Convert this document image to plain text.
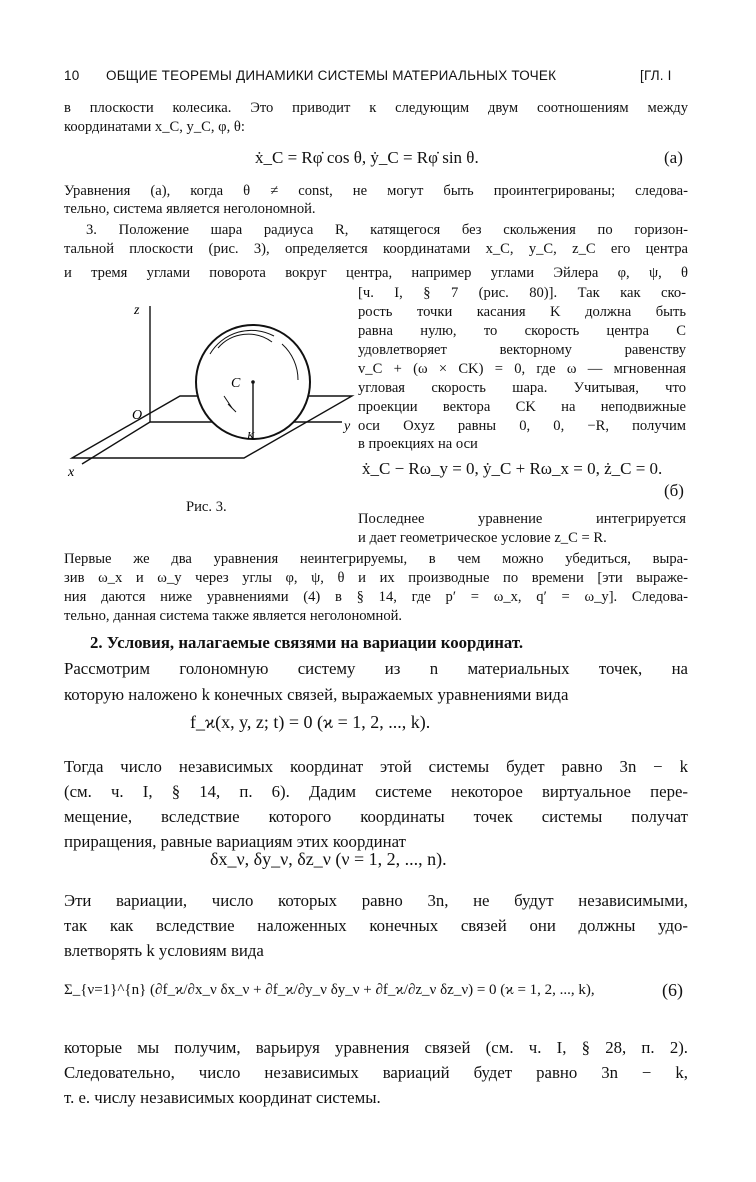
10 ОБЩИЕ ТЕОРЕМЫ ДИНАМИКИ СИСТЕМЫ МАТЕРИАЛЬНЫХ ТОЧЕК	[ГЛ. I
в плоскости колесика. Это приводит к следующим двум соотношениям между
координатами x_C, y_C, φ, θ:
ẋ_C = Rφ̇ cos θ, ẏ_C = Rφ̇ sin θ.	(a)
Уравнения (а), когда θ ≠ const, не могут быть проинтегрированы; следова-
тельно, система является неголономной.
3. Положение шара радиуса R, катящегося без скольжения по горизон-
тальной плоскости (рис. 3), определяется координатами x_C, y_C, z_C его центра
и тремя углами поворота вокруг центра, например углами Эйлера φ, ψ, θ
[ч. I, § 7 (рис. 80)]. Так как ско-
рость точки касания K должна быть
равна нулю, то скорость центра C
удовлетворяет векторному равенству
v_C + (ω × CK) = 0, где ω — мгновенная
угловая скорость шара. Учитывая, что
проекции вектора CK на неподвижные
оси Oxyz равны 0, 0, −R, получим
в проекциях на оси
ẋ_C − Rω_y = 0, ẏ_C + Rω_x = 0, ż_C = 0.
(б)
Последнее уравнение интегрируется
и дает геометрическое условие z_C = R.
z
O
x
y
C
K
Рис. 3.
Первые же два уравнения неинтегрируемы, в чем можно убедиться, выра-
зив ω_x и ω_y через углы φ, ψ, θ и их производные по времени [эти выраже-
ния даются ниже уравнениями (4) в § 14, где p′ = ω_x, q′ = ω_y]. Следова-
тельно, данная система также является неголономной.
2. Условия, налагаемые связями на вариации координат.
Рассмотрим голономную систему из n материальных точек, на
которую наложено k конечных связей, выражаемых уравнениями вида
f_ϰ(x, y, z; t) = 0 (ϰ = 1, 2, ..., k).
Тогда число независимых координат этой системы будет равно 3n − k
(см. ч. I, § 14, п. 6). Дадим системе некоторое виртуальное пере-
мещение, вследствие которого координаты точек системы получат
приращения, равные вариациям этих координат
δx_ν, δy_ν, δz_ν (ν = 1, 2, ..., n).
Эти вариации, число которых равно 3n, не будут независимыми,
так как вследствие наложенных конечных связей они должны удо-
влетворять k условиям вида
Σ_{ν=1}^{n} (∂f_ϰ/∂x_ν δx_ν + ∂f_ϰ/∂y_ν δy_ν + ∂f_ϰ/∂z_ν δz_ν) = 0 (ϰ = 1, 2, ..., k),	(6)
которые мы получим, варьируя уравнения связей (см. ч. I, § 28, п. 2).
Следовательно, число независимых вариаций будет равно 3n − k,
т. е. числу независимых координат системы.
